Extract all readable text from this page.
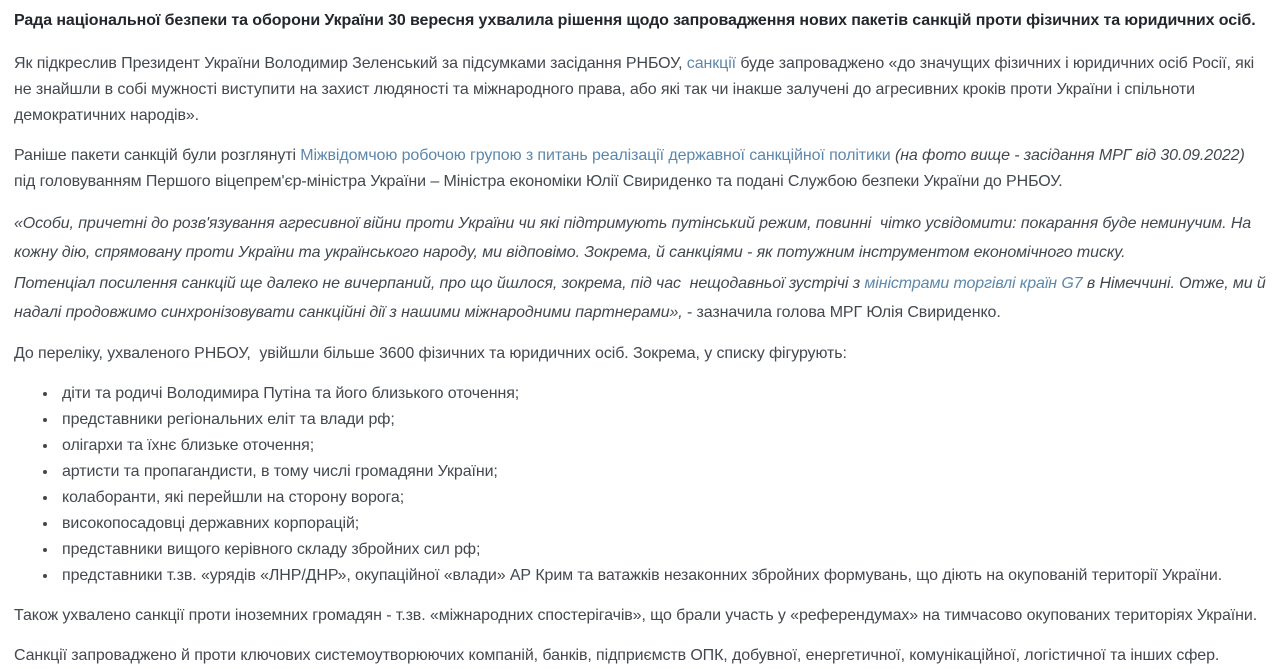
Рада національної безпеки та оборони України 30 вересня ухвалила рішення щодо запровадження нових пакетів санкцій проти фізичних та юридичних осіб.

Як підкреслив Президент України Володимир Зеленський за підсумками засідання РНБОУ, санкції буде запроваджено «до значущих фізичних і юридичних осіб Росії, які не знайшли в собі мужності виступити на захист людяності та міжнародного права, або які так чи інакше залучені до агресивних кроків проти України і спільноти демократичних народів».

Раніше пакети санкцій були розглянуті Міжвідомчою робочою групою з питань реалізації державної санкційної політики (на фото вище - засідання МРГ від 30.09.2022) під головуванням Першого віцепрем'єр-міністра України – Міністра економіки Юлії Свириденко та подані Службою безпеки України до РНБОУ.

«Особи, причетні до розв'язування агресивної війни проти України чи які підтримують путінський режим, повинні  чітко усвідомити: покарання буде неминучим. На кожну дію, спрямовану проти України та українського народу, ми відповімо. Зокрема, й санкціями - як потужним інструментом економічного тиску.

Потенціал посилення санкцій ще далеко не вичерпаний, про що йшлося, зокрема, під час  нещодавньої зустрічі з міністрами торгівлі країн G7 в Німеччині. Отже, ми й надалі продовжимо синхронізовувати санкційні дії з нашими міжнародними партнерами», - зазначила голова МРГ Юлія Свириденко.

До переліку, ухваленого РНБОУ,  увійшли більше 3600 фізичних та юридичних осіб. Зокрема, у списку фігурують:

• діти та родичі Володимира Путіна та його близького оточення;
• представники регіональних еліт та влади рф;
• олігархи та їхнє близьке оточення;
• артисти та пропагандисти, в тому числі громадяни України;
• колаборанти, які перейшли на сторону ворога;
• високопосадовці державних корпорацій;
• представники вищого керівного складу збройних сил рф;
• представники т.зв. «урядів «ЛНР/ДНР», окупаційної «влади» АР Крим та ватажків незаконних збройних формувань, що діють на окупованій території України.

Також ухвалено санкції проти іноземних громадян - т.зв. «міжнародних спостерігачів», що брали участь у «референдумах» на тимчасово окупованих територіях України.

Санкції запроваджено й проти ключових системоутворюючих компаній, банків, підприємств ОПК, добувної, енергетичної, комунікаційної, логістичної та інших сфер.
